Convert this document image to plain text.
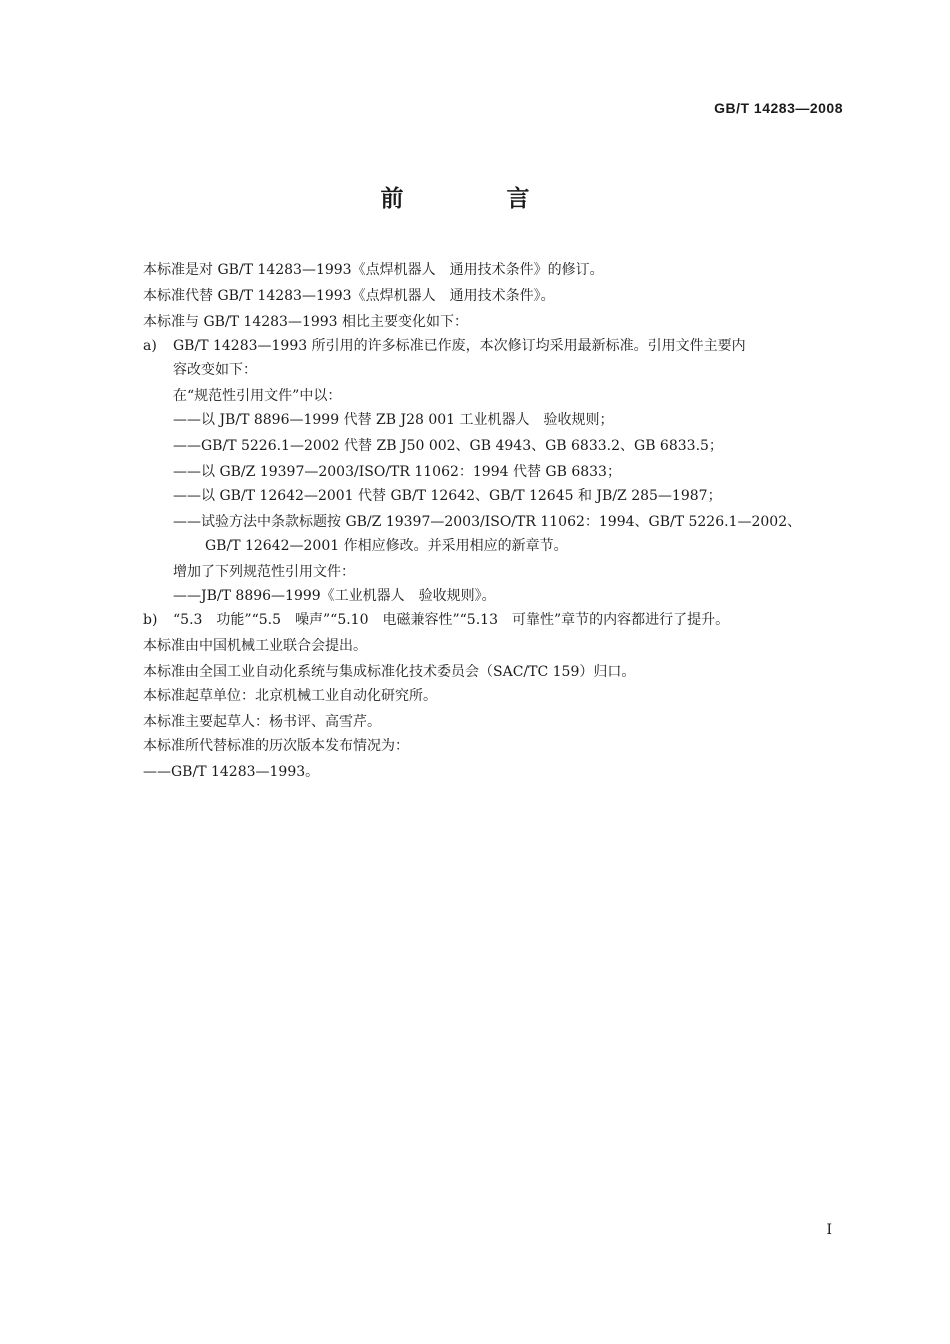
GB/T 14283—2008
前　言
本标准是对 GB/T 14283—1993《点焊机器人　通用技术条件》的修订。
本标准代替 GB/T 14283—1993《点焊机器人　通用技术条件》。
本标准与 GB/T 14283—1993 相比主要变化如下：
a) GB/T 14283—1993 所引用的许多标准已作废，本次修订均采用最新标准。引用文件主要内
容改变如下：
在“规范性引用文件”中以：
——以 JB/T 8896—1999 代替 ZB J28 001 工业机器人　验收规则；
——GB/T 5226.1—2002 代替 ZB J50 002、GB 4943、GB 6833.2、GB 6833.5；
——以 GB/Z 19397—2003/ISO/TR 11062：1994 代替 GB 6833；
——以 GB/T 12642—2001 代替 GB/T 12642、GB/T 12645 和 JB/Z 285—1987；
——试验方法中条款标题按 GB/Z 19397—2003/ISO/TR 11062：1994、GB/T 5226.1—2002、
GB/T 12642—2001 作相应修改。并采用相应的新章节。
增加了下列规范性引用文件：
——JB/T 8896—1999《工业机器人　验收规则》。
b) “5.3　功能”“5.5　噪声”“5.10　电磁兼容性”“5.13　可靠性”章节的内容都进行了提升。
本标准由中国机械工业联合会提出。
本标准由全国工业自动化系统与集成标准化技术委员会（SAC/TC 159）归口。
本标准起草单位：北京机械工业自动化研究所。
本标准主要起草人：杨书评、高雪芹。
本标准所代替标准的历次版本发布情况为：
——GB/T 14283—1993。
I
